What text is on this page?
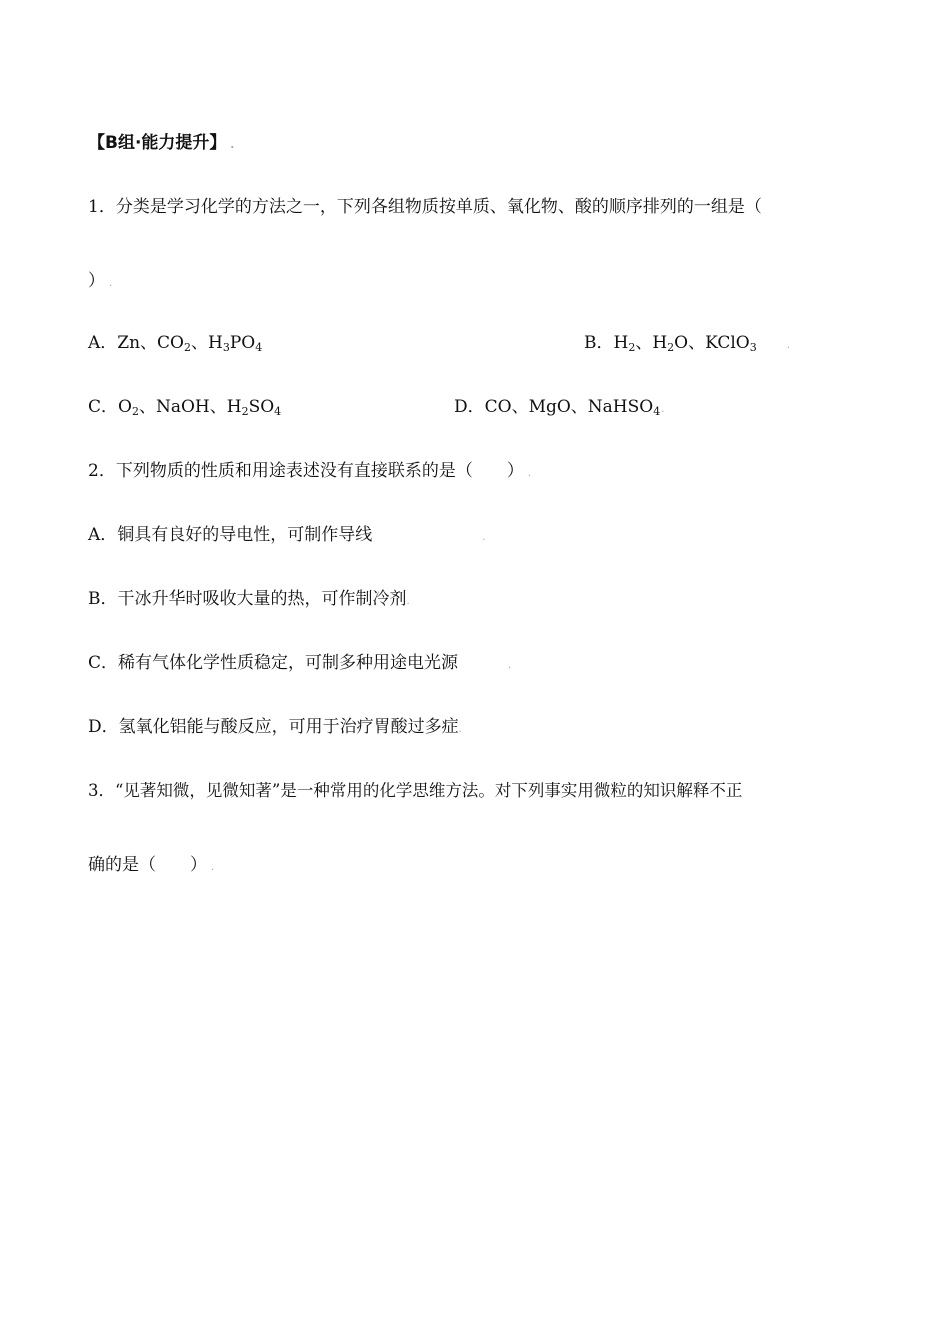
【B组·能力提升】 .
1．分类是学习化学的方法之一，下列各组物质按单质、氧化物、酸的顺序排列的一组是（
） .
A．Zn、$CO_2$、$H_3PO_4$	B．$H_2$、$H_2O$、KClO$_3$	.
C．$O_2$、NaOH、$H_2SO_4$	D．CO、MgO、NaHSO$_4$.
2．下列物质的性质和用途表述没有直接联系的是（　　） .
A．铜具有良好的导电性，可制作导线	.
B．干冰升华时吸收大量的热，可作制冷剂.
C．稀有气体化学性质稳定，可制多种用途电光源	.
D．氢氧化铝能与酸反应，可用于治疗胃酸过多症.
3．“见著知微，见微知著”是一种常用的化学思维方法。对下列事实用微粒的知识解释不正
确的是（　　） .
